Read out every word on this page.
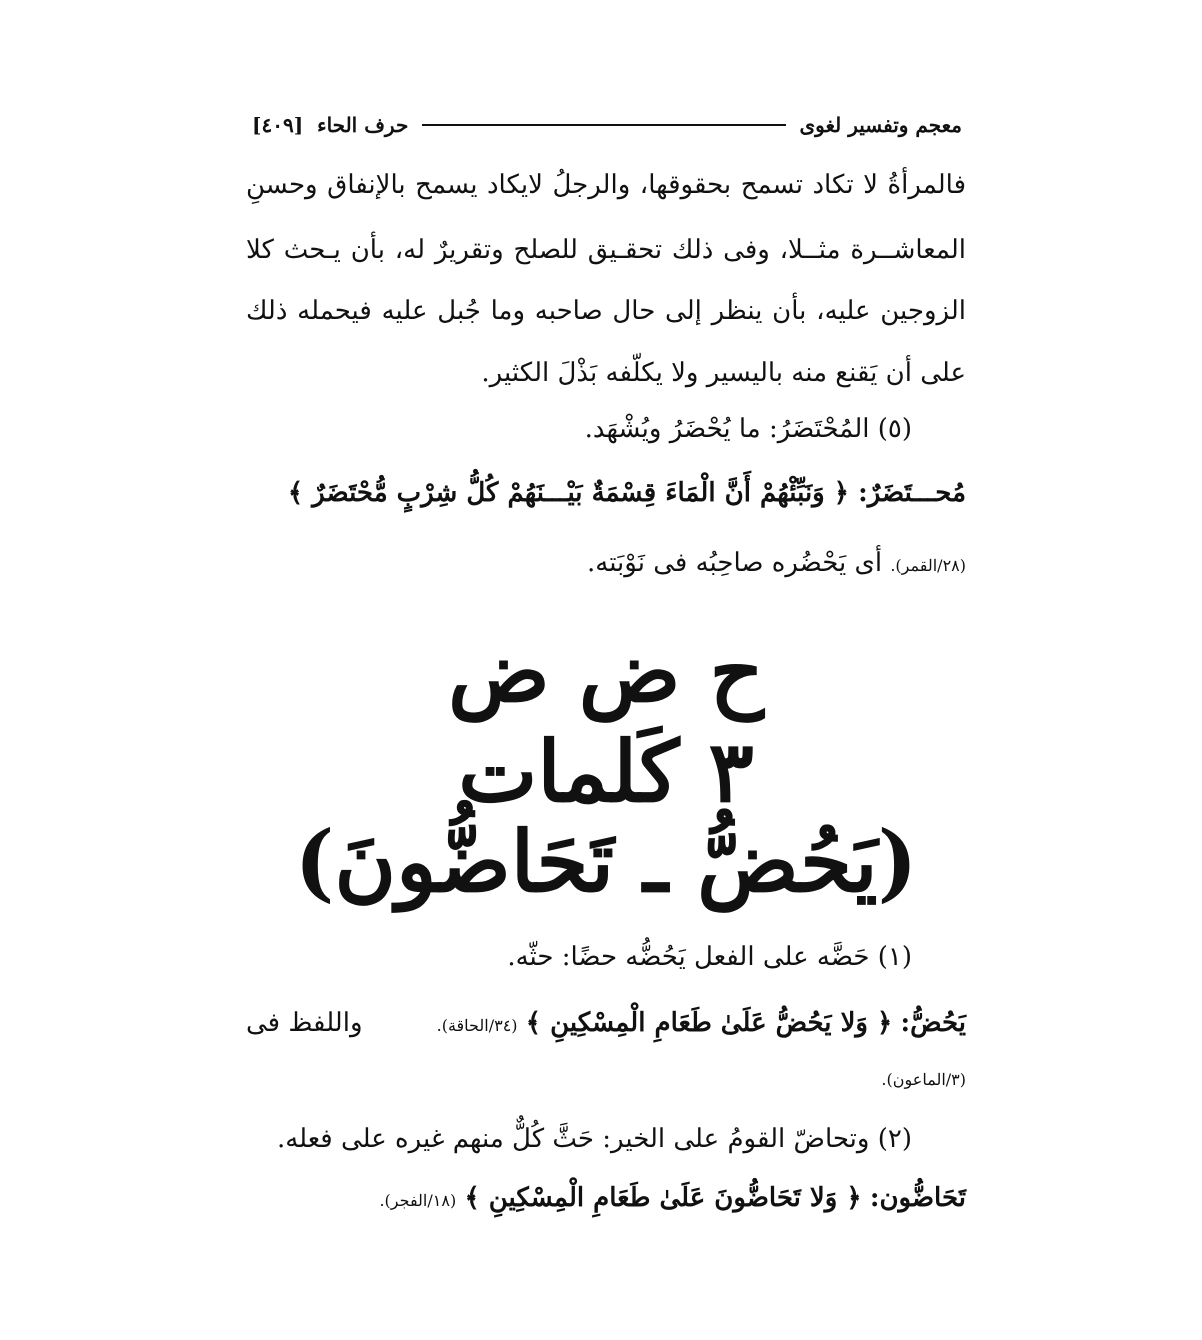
معجم وتفسير لغوى
حرف الحاء
[٤٠٩]
فالمرأةُ لا تكاد تسمح بحقوقها، والرجلُ لايكاد يسمح بالإنفاق وحسنِ
المعاشــرة مثــلا، وفى ذلك تحقـيق للصلح وتقريرٌ له، بأن يـحث كلا
الزوجين عليه، بأن ينظر إلى حال صاحبه وما جُبل عليه فيحمله ذلك
على أن يَقنع منه باليسير ولا يكلّفه بَذْلَ الكثير.
(٥) المُحْتَضَرُ: ما يُحْضَرُ ويُشْهَد.
مُحـــتَضَرٌ: ﴿ وَنَبِّئْهُمْ أَنَّ الْمَاءَ قِسْمَةٌ بَيْـــنَهُمْ كُلُّ شِرْبٍ مُّحْتَضَرٌ ﴾
(٢٨/القمر). أى يَحْضُره صاحِبُه فى نَوْبَته.
ح ض ض
٣ كَلمات
(يَحُضُّ ـ تَحَاضُّونَ)
(١) حَضَّه على الفعل يَحُضُّه حضًا: حثّه.
يَحُضُّ: ﴿ وَلا يَحُضُّ عَلَىٰ طَعَامِ الْمِسْكِينِ ﴾ (٣٤/الحاقة).
واللفظ فى
(٣/الماعون).
(٢) وتحاضّ القومُ على الخير: حَثَّ كُلٌّ منهم غيره على فعله.
تَحَاضُّون: ﴿ وَلا تَحَاضُّونَ عَلَىٰ طَعَامِ الْمِسْكِينِ ﴾ (١٨/الفجر).
